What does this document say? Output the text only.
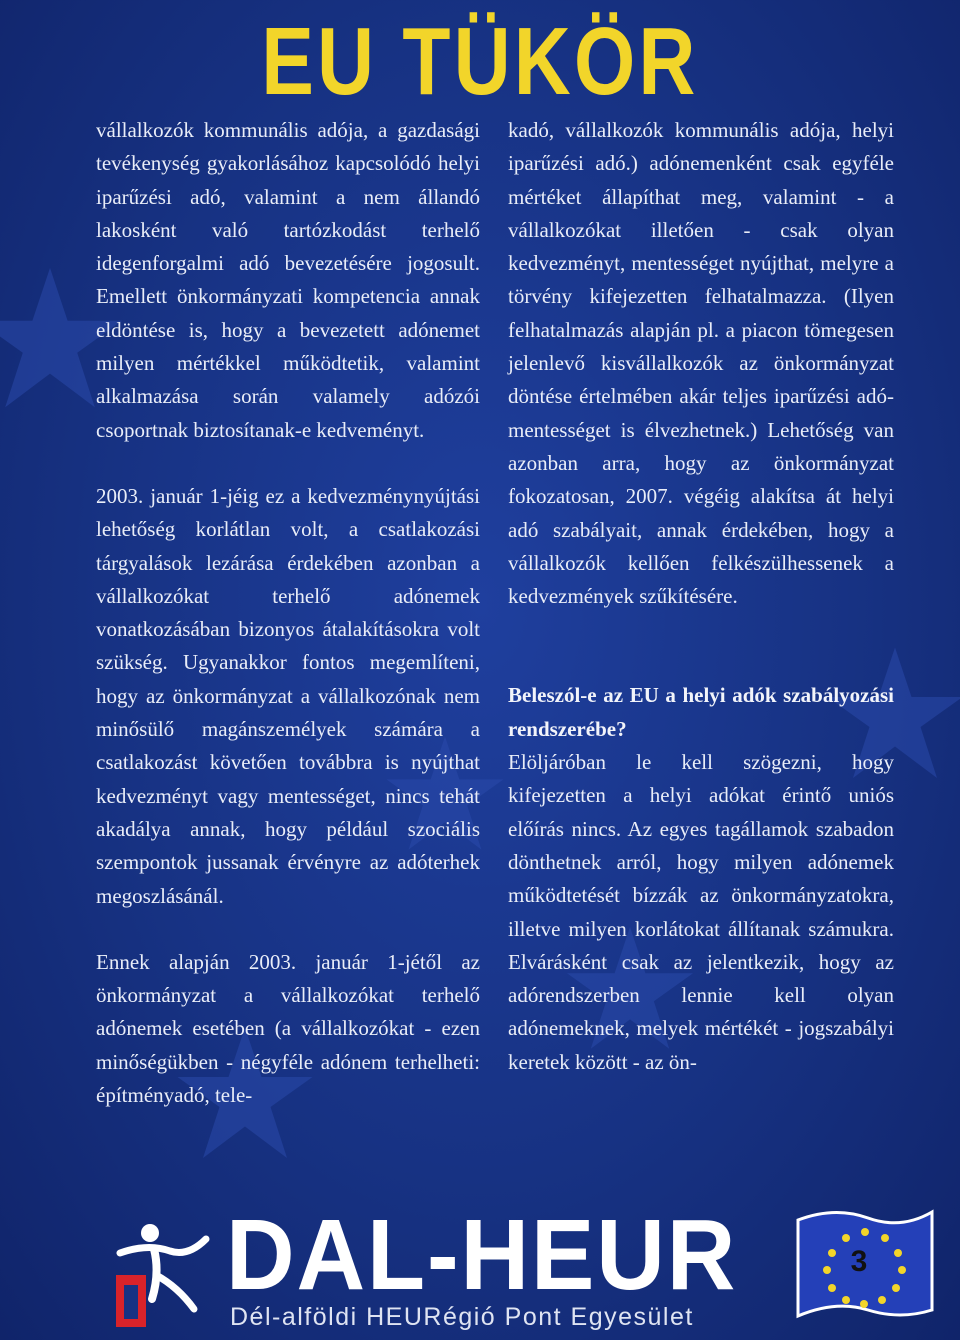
EU TÜKÖR

vállalkozók kommunális adója, a gazdasági tevékenység gyakorlásához kapcsolódó helyi iparűzési adó, valamint a nem állandó lakosként való tartózkodást terhelő idegenforgalmi adó bevezetésére jogosult. Emellett önkormányzati kompetencia annak eldöntése is, hogy a bevezetett adónemet milyen mértékkel működtetik, valamint alkalmazása során valamely adózói csoportnak biztosítanak-e kedveményt.

2003. január 1-jéig ez a kedvezménynyújtási lehetőség korlátlan volt, a csatlakozási tárgyalások lezárása érdekében azonban a vállalkozókat terhelő adónemek vonatkozásában bizonyos átalakításokra volt szükség. Ugyanakkor fontos megemlíteni, hogy az önkormányzat a vállalkozónak nem minősülő magánszemélyek számára a csatlakozást követően továbbra is nyújthat kedvezményt vagy mentességet, nincs tehát akadálya annak, hogy például szociális szempontok jussanak érvényre az adóterhek megoszlásánál.

Ennek alapján 2003. január 1-jétől az önkormányzat a vállalkozókat terhelő adónemek esetében (a vállalkozókat - ezen minőségükben - négyféle adónem terhelheti: építményadó, tele-

kadó, vállalkozók kommunális adója, helyi iparűzési adó.) adónemenként csak egyféle mértéket állapíthat meg, valamint - a vállalkozókat illetően - csak olyan kedvezményt, mentességet nyújthat, melyre a törvény kifejezetten felhatalmazza. (Ilyen felhatalmazás alapján pl. a piacon tömegesen jelenlevő kisvállalkozók az önkormányzat döntése értelmében akár teljes iparűzési adó-mentességet is élvezhetnek.) Lehetőség van azonban arra, hogy az önkormányzat fokozatosan, 2007. végéig alakítsa át helyi adó szabályait, annak érdekében, hogy a vállalkozók kellően felkészülhessenek a kedvezmények szűkítésére.

Beleszól-e az EU a helyi adók szabályozási rendszerébe?

Elöljáróban le kell szögezni, hogy kifejezetten a helyi adókat érintő uniós előírás nincs. Az egyes tagállamok szabadon dönthetnek arról, hogy milyen adónemek működtetését bízzák az önkormányzatokra, illetve milyen korlátokat állítanak számukra. Elvárásként csak az jelentkezik, hogy az adórendszerben lennie kell olyan adónemeknek, melyek mértékét - jogszabályi keretek között - az ön-

DAL-HEUR
Dél-alföldi HEURégió Pont Egyesület
3
